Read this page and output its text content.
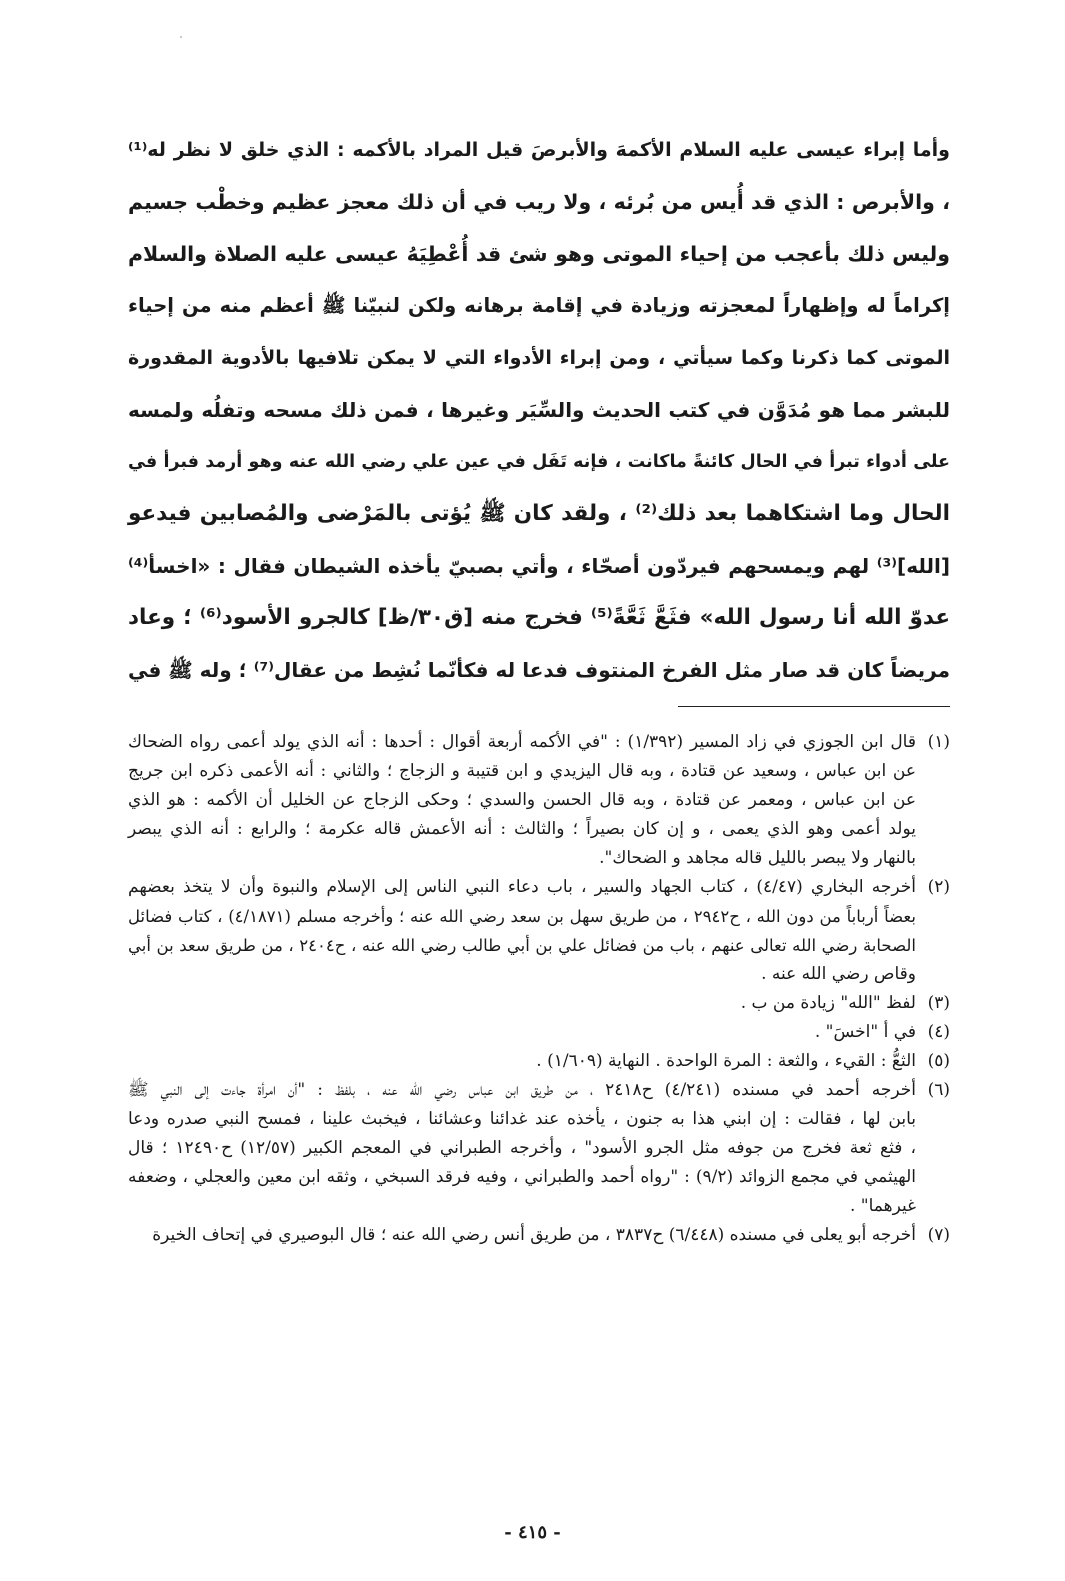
وأما إبراء عيسى عليه السلام الأكمهَ والأبرصَ قيل المراد بالأكمه : الذي خلق لا نظر له⁽¹⁾
، والأبرص : الذي قد أُيس من بُرئه ، ولا ريب في أن ذلك معجز عظيم وخطْب جسيم
وليس ذلك بأعجب من إحياء الموتى وهو شئ قد أُعْطِيَهُ عيسى عليه الصلاة والسلام
إكراماً له وإظهاراً لمعجزته وزيادة في إقامة برهانه ولكن لنبيّنا ﷺ أعظم منه من إحياء
الموتى كما ذكرنا وكما سيأتي ، ومن إبراء الأدواء التي لا يمكن تلافيها بالأدوية المقدورة
للبشر مما هو مُدَوَّن في كتب الحديث والسِّيَر وغيرها ، فمن ذلك مسحه وتفلُه ولمسه
على أدواء تبرأ في الحال كائنةً ماكانت ، فإنه تَفَل في عين علي رضي الله عنه وهو أرمد فبرأ في
الحال وما اشتكاهما بعد ذلك⁽²⁾ ، ولقد كان ﷺ يُؤتى بالمَرْضى والمُصابين فيدعو
[الله]⁽³⁾ لهم ويمسحهم فيردّون أصحّاء ، وأتي بصبيّ يأخذه الشيطان فقال : «اخسأ⁽⁴⁾
عدوّ الله أنا رسول الله» فثَعَّ ثَعَّةً⁽⁵⁾ فخرج منه [ق٣٠/ظ] كالجرو الأسود⁽⁶⁾ ؛ وعاد
مريضاً كان قد صار مثل الفرخ المنتوف فدعا له فكأنّما نُشِط من عقال⁽⁷⁾ ؛ وله ﷺ في
(١)
قال ابن الجوزي في زاد المسير (١/٣٩٢) : "في الأكمه أربعة أقوال : أحدها : أنه الذي يولد أعمى رواه الضحاك
عن ابن عباس ، وسعيد عن قتادة ، وبه قال اليزيدي و ابن قتيبة و الزجاج ؛ والثاني : أنه الأعمى ذكره ابن جريج
عن ابن عباس ، ومعمر عن قتادة ، وبه قال الحسن والسدي ؛ وحكى الزجاج عن الخليل أن الأكمه : هو الذي
يولد أعمى وهو الذي يعمى ، و إن كان بصيراً ؛ والثالث : أنه الأعمش قاله عكرمة ؛ والرابع : أنه الذي يبصر
بالنهار ولا يبصر بالليل قاله مجاهد و الضحاك".
(٢)
أخرجه البخاري (٤/٤٧) ، كتاب الجهاد والسير ، باب دعاء النبي الناس إلى الإسلام والنبوة وأن لا يتخذ بعضهم
بعضاً أرباباً من دون الله ، ح٢٩٤٢ ، من طريق سهل بن سعد رضي الله عنه ؛ وأخرجه مسلم (٤/١٨٧١) ، كتاب فضائل
الصحابة رضي الله تعالى عنهم ، باب من فضائل علي بن أبي طالب رضي الله عنه ، ح٢٤٠٤ ، من طريق سعد بن أبي
وقاص رضي الله عنه .
(٣)
لفظ "الله" زيادة من ب .
(٤)
في أ "اخسَ" .
(٥)
الثعُّ : القيء ، والثعة : المرة الواحدة . النهاية (١/٦٠٩) .
(٦)
أخرجه أحمد في مسنده (٤/٢٤١) ح٢٤١٨ ، من طريق ابن عباس رضي الله عنه ، بلفظ : "أن امرأة جاءت إلى النبي ﷺ
بابن لها ، فقالت : إن ابني هذا به جنون ، يأخذه عند غدائنا وعشائنا ، فيخبث علينا ، فمسح النبي صدره ودعا
، فثع ثعة فخرج من جوفه مثل الجرو الأسود" ، وأخرجه الطبراني في المعجم الكبير (١٢/٥٧) ح١٢٤٩٠ ؛ قال
الهيثمي في مجمع الزوائد (٩/٢) : "رواه أحمد والطبراني ، وفيه فرقد السبخي ، وثقه ابن معين والعجلي ، وضعفه
غيرهما" .
(٧)
أخرجه أبو يعلى في مسنده (٦/٤٤٨) ح٣٨٣٧ ، من طريق أنس رضي الله عنه ؛ قال البوصيري في إتحاف الخيرة
- ٤١٥ -
